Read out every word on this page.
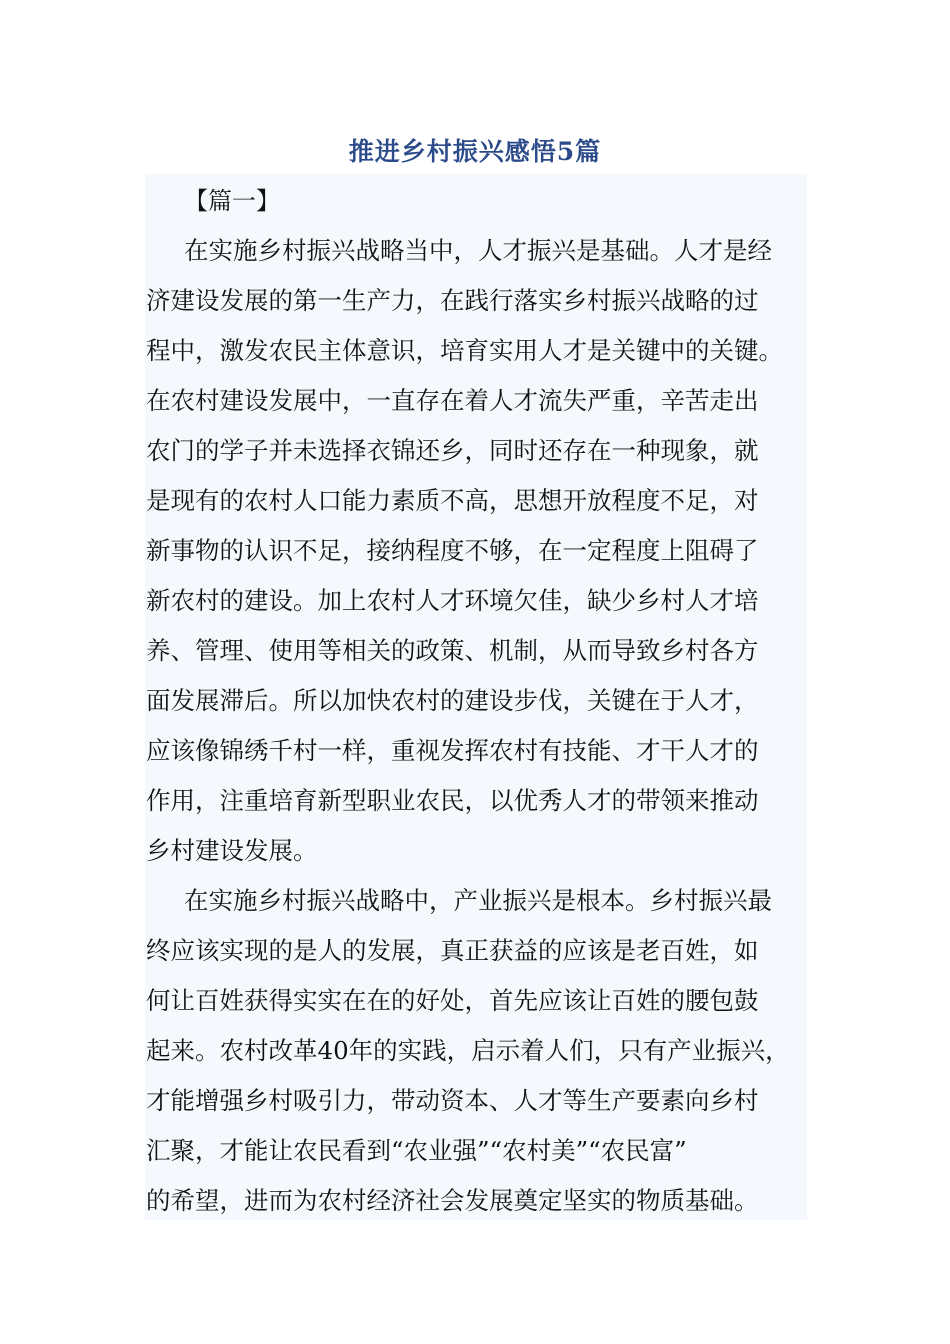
推进乡村振兴感悟5篇
【篇一】
在实施乡村振兴战略当中，人才振兴是基础。人才是经
济建设发展的第一生产力，在践行落实乡村振兴战略的过
程中，激发农民主体意识，培育实用人才是关键中的关键。
在农村建设发展中，一直存在着人才流失严重，辛苦走出
农门的学子并未选择衣锦还乡，同时还存在一种现象，就
是现有的农村人口能力素质不高，思想开放程度不足，对
新事物的认识不足，接纳程度不够，在一定程度上阻碍了
新农村的建设。加上农村人才环境欠佳，缺少乡村人才培
养、管理、使用等相关的政策、机制，从而导致乡村各方
面发展滞后。所以加快农村的建设步伐，关键在于人才，
应该像锦绣千村一样，重视发挥农村有技能、才干人才的
作用，注重培育新型职业农民，以优秀人才的带领来推动
乡村建设发展。
在实施乡村振兴战略中，产业振兴是根本。乡村振兴最
终应该实现的是人的发展，真正获益的应该是老百姓，如
何让百姓获得实实在在的好处，首先应该让百姓的腰包鼓
起来。农村改革40年的实践，启示着人们，只有产业振兴，
才能增强乡村吸引力，带动资本、人才等生产要素向乡村
汇聚，才能让农民看到“农业强”“农村美”“农民富”
的希望，进而为农村经济社会发展奠定坚实的物质基础。
